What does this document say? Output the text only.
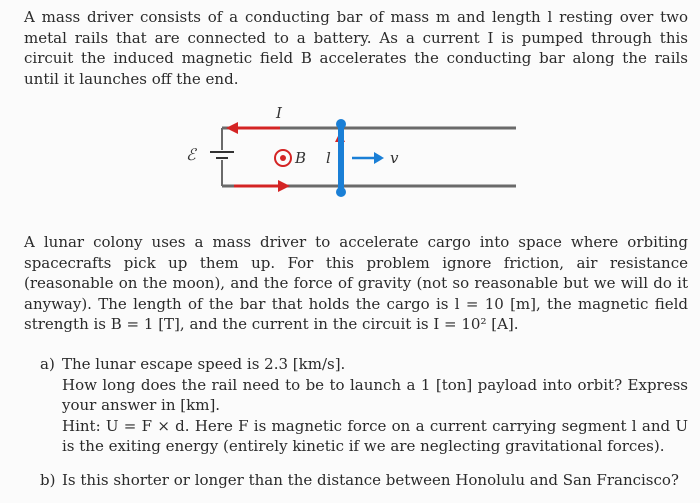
A mass driver consists of a conducting bar of mass m and length l resting over two metal rails that are connected to a battery. As a current I is pumped through this circuit the induced magnetic field B accelerates the conducting bar along the rails until it launches off the end.
ℰ
I
B l	v
A lunar colony uses a mass driver to accelerate cargo into space where orbiting spacecrafts pick up them up. For this problem ignore friction, air resistance (reasonable on the moon), and the force of gravity (not so reasonable but we will do it anyway). The length of the bar that holds the cargo is l = 10 [m], the magnetic field strength is B = 1 [T], and the current in the circuit is I = 10² [A].
a) The lunar escape speed is 2.3 [km/s].
How long does the rail need to be to launch a 1 [ton] payload into orbit? Express your answer in [km].
Hint: U = F × d. Here F is magnetic force on a current carrying segment l and U is the exiting energy (entirely kinetic if we are neglecting gravitational forces).
b) Is this shorter or longer than the distance between Honolulu and San Francisco?
